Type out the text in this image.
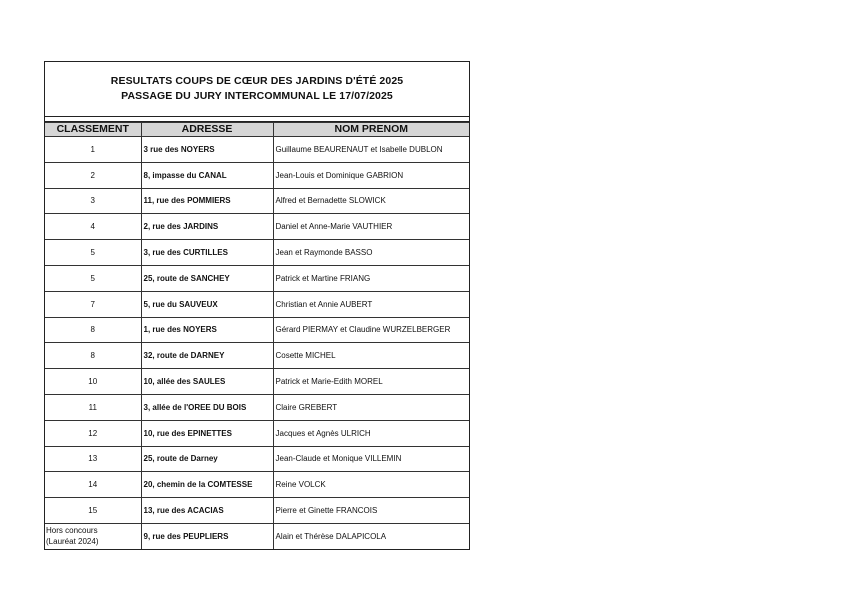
RESULTATS COUPS DE CŒUR DES JARDINS D'ÉTÉ 2025
PASSAGE DU JURY INTERCOMMUNAL LE 17/07/2025
CLASSEMENT	ADRESSE	NOM PRENOM
1	3 rue des NOYERS	Guillaume BEAURENAUT et Isabelle DUBLON
2	8, impasse du CANAL	Jean-Louis et Dominique GABRION
3	11, rue des POMMIERS	Alfred et Bernadette SLOWICK
4	2, rue des JARDINS	Daniel et Anne-Marie VAUTHIER
5	3, rue des CURTILLES	Jean et Raymonde BASSO
5	25, route de SANCHEY	Patrick et Martine FRIANG
7	5, rue du SAUVEUX	Christian et Annie AUBERT
8	1, rue des NOYERS	Gérard PIERMAY et Claudine WURZELBERGER
8	32, route de DARNEY	Cosette MICHEL
10	10, allée des SAULES	Patrick et Marie-Edith MOREL
11	3, allée de l'OREE DU BOIS	Claire GREBERT
12	10, rue des EPINETTES	Jacques et Agnès ULRICH
13	25, route de Darney	Jean-Claude et Monique VILLEMIN
14	20, chemin de la COMTESSE	Reine VOLCK
15	13, rue des ACACIAS	Pierre et Ginette FRANCOIS

Hors concours
(Lauréat 2024)	9, rue des PEUPLIERS	Alain et Thérèse DALAPICOLA
